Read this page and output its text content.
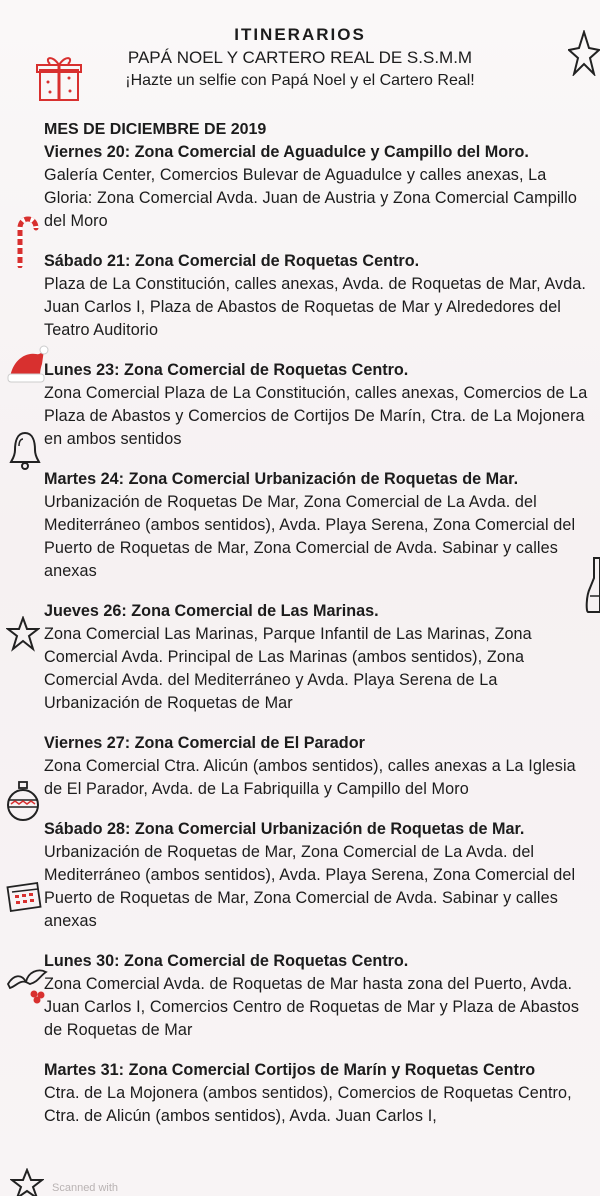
ITINERARIOS
PAPÁ NOEL Y CARTERO REAL DE S.S.M.M
¡Hazte un selfie con Papá Noel y el Cartero Real!
MES DE DICIEMBRE DE 2019
Viernes 20: Zona Comercial de Aguadulce y Campillo del Moro.
Galería Center, Comercios Bulevar de Aguadulce y calles anexas, La Gloria: Zona Comercial Avda. Juan de Austria y Zona Comercial Campillo del Moro
Sábado 21: Zona Comercial de Roquetas Centro.
Plaza de La Constitución, calles anexas, Avda. de Roquetas de Mar, Avda. Juan Carlos I, Plaza de Abastos de Roquetas de Mar y Alrededores del Teatro Auditorio
Lunes 23: Zona Comercial de Roquetas Centro.
Zona Comercial Plaza de La Constitución, calles anexas, Comercios de La Plaza de Abastos y Comercios de Cortijos De Marín, Ctra. de La Mojonera en ambos sentidos
Martes 24: Zona Comercial Urbanización de Roquetas de Mar.
Urbanización de Roquetas De Mar, Zona Comercial de La Avda. del Mediterráneo (ambos sentidos), Avda. Playa Serena, Zona Comercial del Puerto de Roquetas de Mar, Zona Comercial de Avda. Sabinar y calles anexas
Jueves 26: Zona Comercial de Las Marinas.
Zona Comercial Las Marinas, Parque Infantil de Las Marinas, Zona Comercial Avda. Principal de Las Marinas (ambos sentidos), Zona Comercial Avda. del Mediterráneo y Avda. Playa Serena de La Urbanización de Roquetas de Mar
Viernes 27: Zona Comercial de El Parador
Zona Comercial Ctra. Alicún (ambos sentidos), calles anexas a La Iglesia de El Parador, Avda. de La Fabriquilla y Campillo del Moro
Sábado 28: Zona Comercial Urbanización de Roquetas de Mar.
Urbanización de Roquetas de Mar, Zona Comercial de La Avda. del Mediterráneo (ambos sentidos), Avda. Playa Serena, Zona Comercial del Puerto de Roquetas de Mar, Zona Comercial de Avda. Sabinar y calles anexas
Lunes 30: Zona Comercial de Roquetas Centro.
Zona Comercial Avda. de Roquetas de Mar hasta zona del Puerto, Avda. Juan Carlos I, Comercios Centro de Roquetas de Mar y Plaza de Abastos de Roquetas de Mar
Martes 31: Zona Comercial Cortijos de Marín y Roquetas Centro
Ctra. de La Mojonera (ambos sentidos), Comercios de Roquetas Centro, Ctra. de Alicún (ambos sentidos), Avda. Juan Carlos I,
Scanned with
